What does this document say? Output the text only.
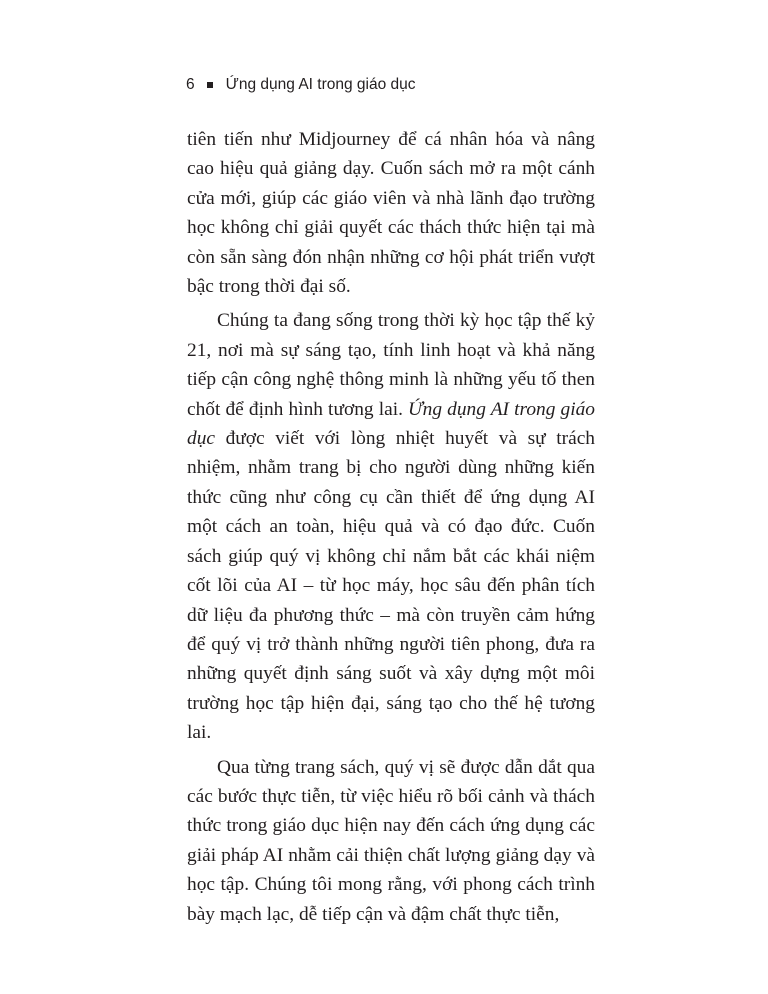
6 Ứng dụng AI trong giáo dục

tiên tiến như Midjourney để cá nhân hóa và nâng cao hiệu quả giảng dạy. Cuốn sách mở ra một cánh cửa mới, giúp các giáo viên và nhà lãnh đạo trường học không chỉ giải quyết các thách thức hiện tại mà còn sẵn sàng đón nhận những cơ hội phát triển vượt bậc trong thời đại số.

Chúng ta đang sống trong thời kỳ học tập thế kỷ 21, nơi mà sự sáng tạo, tính linh hoạt và khả năng tiếp cận công nghệ thông minh là những yếu tố then chốt để định hình tương lai. Ứng dụng AI trong giáo dục được viết với lòng nhiệt huyết và sự trách nhiệm, nhằm trang bị cho người dùng những kiến thức cũng như công cụ cần thiết để ứng dụng AI một cách an toàn, hiệu quả và có đạo đức. Cuốn sách giúp quý vị không chỉ nắm bắt các khái niệm cốt lõi của AI – từ học máy, học sâu đến phân tích dữ liệu đa phương thức – mà còn truyền cảm hứng để quý vị trở thành những người tiên phong, đưa ra những quyết định sáng suốt và xây dựng một môi trường học tập hiện đại, sáng tạo cho thế hệ tương lai.

Qua từng trang sách, quý vị sẽ được dẫn dắt qua các bước thực tiễn, từ việc hiểu rõ bối cảnh và thách thức trong giáo dục hiện nay đến cách ứng dụng các giải pháp AI nhằm cải thiện chất lượng giảng dạy và học tập. Chúng tôi mong rằng, với phong cách trình bày mạch lạc, dễ tiếp cận và đậm chất thực tiễn,
